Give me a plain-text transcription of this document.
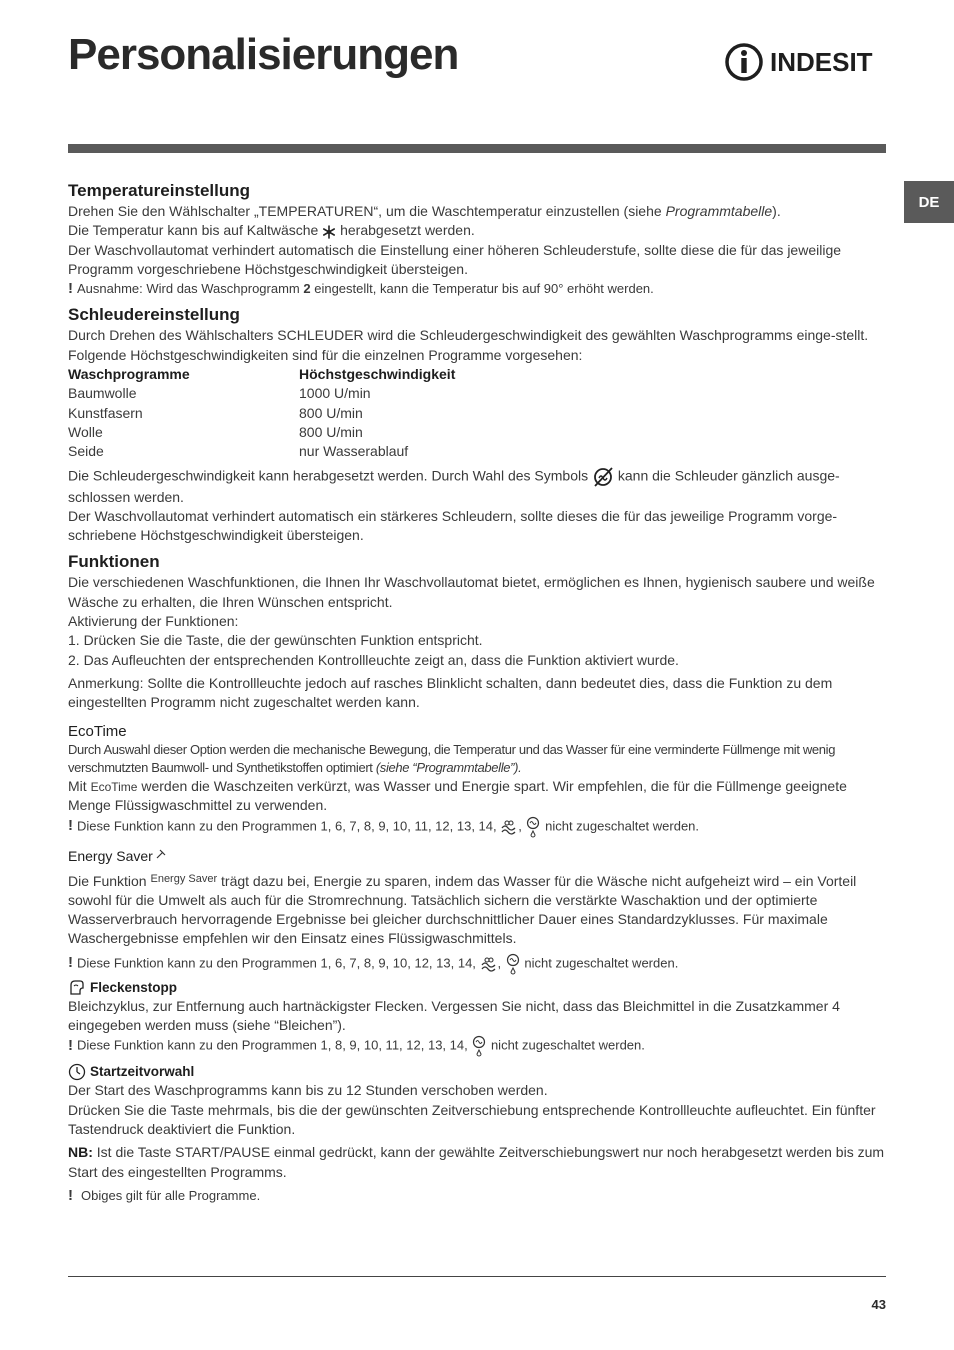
Personalisierungen	INDESIT
DE
Temperatureinstellung

Drehen Sie den Wählschalter „TEMPERATUREN“, um die Waschtemperatur einzustellen (siehe Programmtabelle).

Die Temperatur kann bis auf Kaltwäsche  herabgesetzt werden.

Der Waschvollautomat verhindert automatisch die Einstellung einer höheren Schleuderstufe, sollte diese die für das jeweilige Programm vorgeschriebene Höchstgeschwindigkeit übersteigen.

! Ausnahme: Wird das Waschprogramm 2 eingestellt, kann die Temperatur bis auf 90° erhöht werden.

Schleudereinstellung

Durch Drehen des Wählschalters SCHLEUDER wird die Schleudergeschwindigkeit des gewählten Waschprogramms einge-stellt.

Folgende Höchstgeschwindigkeiten sind für die einzelnen Programme vorgesehen:

Waschprogramme	Höchstgeschwindigkeit
Baumwolle	1000 U/min
Kunstfasern	800 U/min
Wolle	800 U/min
Seide	nur Wasserablauf

Die Schleudergeschwindigkeit kann herabgesetzt werden. Durch Wahl des Symbols  kann die Schleuder gänzlich ausge-schlossen werden.

Der Waschvollautomat verhindert automatisch ein stärkeres Schleudern, sollte dieses die für das jeweilige Programm vorge-schriebene Höchstgeschwindigkeit übersteigen.

Funktionen

Die verschiedenen Waschfunktionen, die Ihnen Ihr Waschvollautomat bietet, ermöglichen es Ihnen, hygienisch saubere und weiße Wäsche zu erhalten, die Ihren Wünschen entspricht.

Aktivierung der Funktionen:

1. Drücken Sie die Taste, die der gewünschten Funktion entspricht.

2. Das Aufleuchten der entsprechenden Kontrollleuchte zeigt an, dass die Funktion aktiviert wurde.

Anmerkung: Sollte die Kontrollleuchte jedoch auf rasches Blinklicht schalten, dann bedeutet dies, dass die Funktion zu dem eingestellten Programm nicht zugeschaltet werden kann.

EcoTime

Durch Auswahl dieser Option werden die mechanische Bewegung, die Temperatur und das Wasser für eine verminderte Füllmenge mit wenig verschmutzten Baumwoll- und Synthetikstoffen optimiert (siehe “Programmtabelle”).

Mit EcoTime werden die Waschzeiten verkürzt, was Wasser und Energie spart. Wir empfehlen, die für die Füllmenge geeignete Menge Flüssigwaschmittel zu verwenden.

! Diese Funktion kann zu den Programmen 1, 6, 7, 8, 9, 10, 11, 12, 13, 14, ,  nicht zugeschaltet werden.

Energy Saver

Die Funktion $^{Energy Saver}$ trägt dazu bei, Energie zu sparen, indem das Wasser für die Wäsche nicht aufgeheizt wird – ein Vorteil sowohl für die Umwelt als auch für die Stromrechnung. Tatsächlich sichern die verstärkte Waschaktion und der optimierte Wasserverbrauch hervorragende Ergebnisse bei gleicher durchschnittlicher Dauer eines Standardzyklusses. Für maximale Waschergebnisse empfehlen wir den Einsatz eines Flüssigwaschmittels.

! Diese Funktion kann zu den Programmen 1, 6, 7, 8, 9, 10, 12, 13, 14, ,  nicht zugeschaltet werden.

Fleckenstopp

Bleichzyklus, zur Entfernung auch hartnäckigster Flecken. Vergessen Sie nicht, dass das Bleichmittel in die Zusatzkammer 4 eingegeben werden muss (siehe “Bleichen”).

! Diese Funktion kann zu den Programmen 1, 8, 9, 10, 11, 12, 13, 14,  nicht zugeschaltet werden.

Startzeitvorwahl

Der Start des Waschprogramms kann bis zu 12 Stunden verschoben werden.

Drücken Sie die Taste mehrmals, bis die der gewünschten Zeitverschiebung entsprechende Kontrollleuchte aufleuchtet. Ein fünfter Tastendruck deaktiviert die Funktion.

NB: Ist die Taste START/PAUSE einmal gedrückt, kann der gewählte Zeitverschiebungswert nur noch herabgesetzt werden bis zum Start des eingestellten Programms.

! Obiges gilt für alle Programme.

43
